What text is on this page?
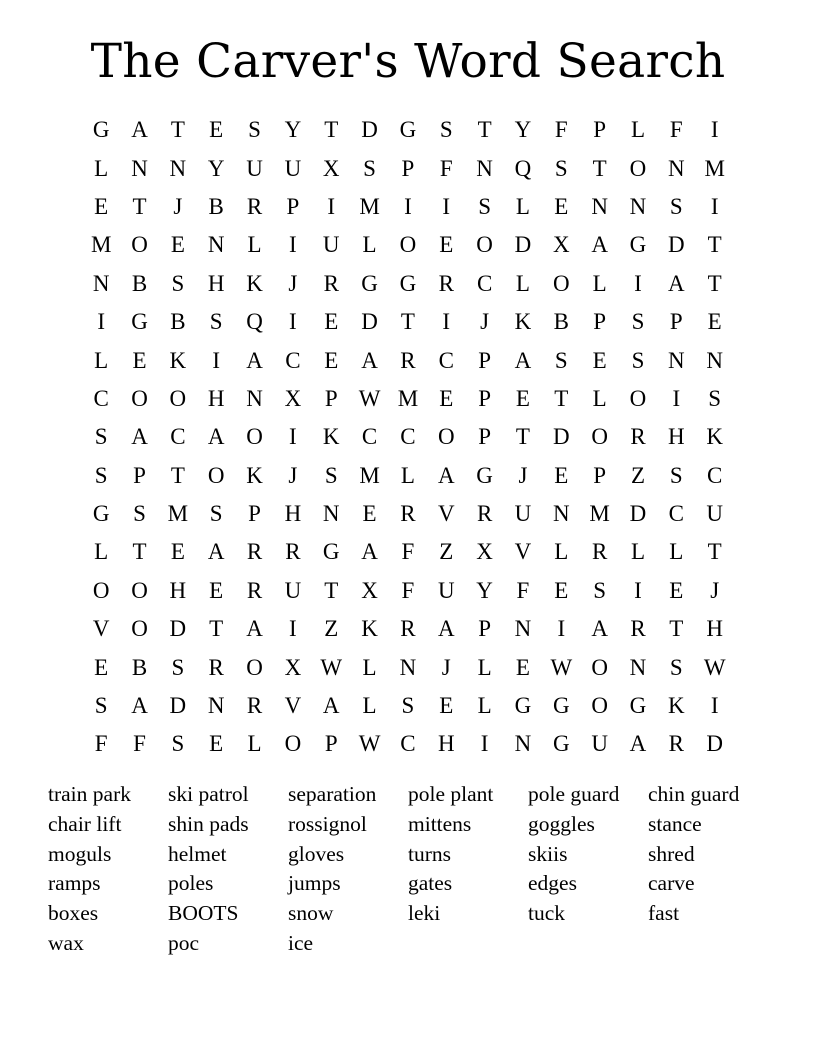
The Carver's Word Search
G A	T	E	S	Y	T	D G	S	T	Y	F	P	L	F	I
L	N N Y U U X	S	P	F	N Q	S	T	O N M
E	T	J	B	R	P	I	M	I	I	S	L	E	N N	S	I
M O	E	N	L	I	U	L	O	E	O D X A G D	T
N B	S	H K	J	R G G R	C	L	O	L	I	A	T
I	G B	S	Q	I	E	D	T	I	J	K B	P	S	P	E
L	E	K	I	A C	E	A R	C	P	A	S	E	S	N N
C O O H N X	P W M E	P	E	T	L	O	I	S
S	A C A O	I	K C	C O	P	T	D O R H K
S	P	T	O K	J	S M L	A G	J	E	P	Z	S	C
G	S M S	P	H N	E	R V R U N M D C U
L	T	E	A R	R G A	F	Z	X V	L	R	L	L	T
O O H	E	R U	T	X	F	U Y	F	E	S	I	E	J
V O D	T	A	I	Z	K R A	P	N	I	A R	T	H
E	B	S	R O X W L	N	J	L	E W O N	S W
S	A D N R V A	L	S	E	L	G G O G K	I
F	F	S	E	L	O	P W C H	I	N G U A R D
train park	ski patrol	separation	pole plant	pole guard	chin guard
chair lift	shin pads	rossignol	mittens	goggles	stance
moguls	helmet	gloves	turns	skiis	shred
ramps	poles	jumps	gates	edges	carve
boxes	BOOTS	snow	leki	tuck	fast
wax	poc	ice
